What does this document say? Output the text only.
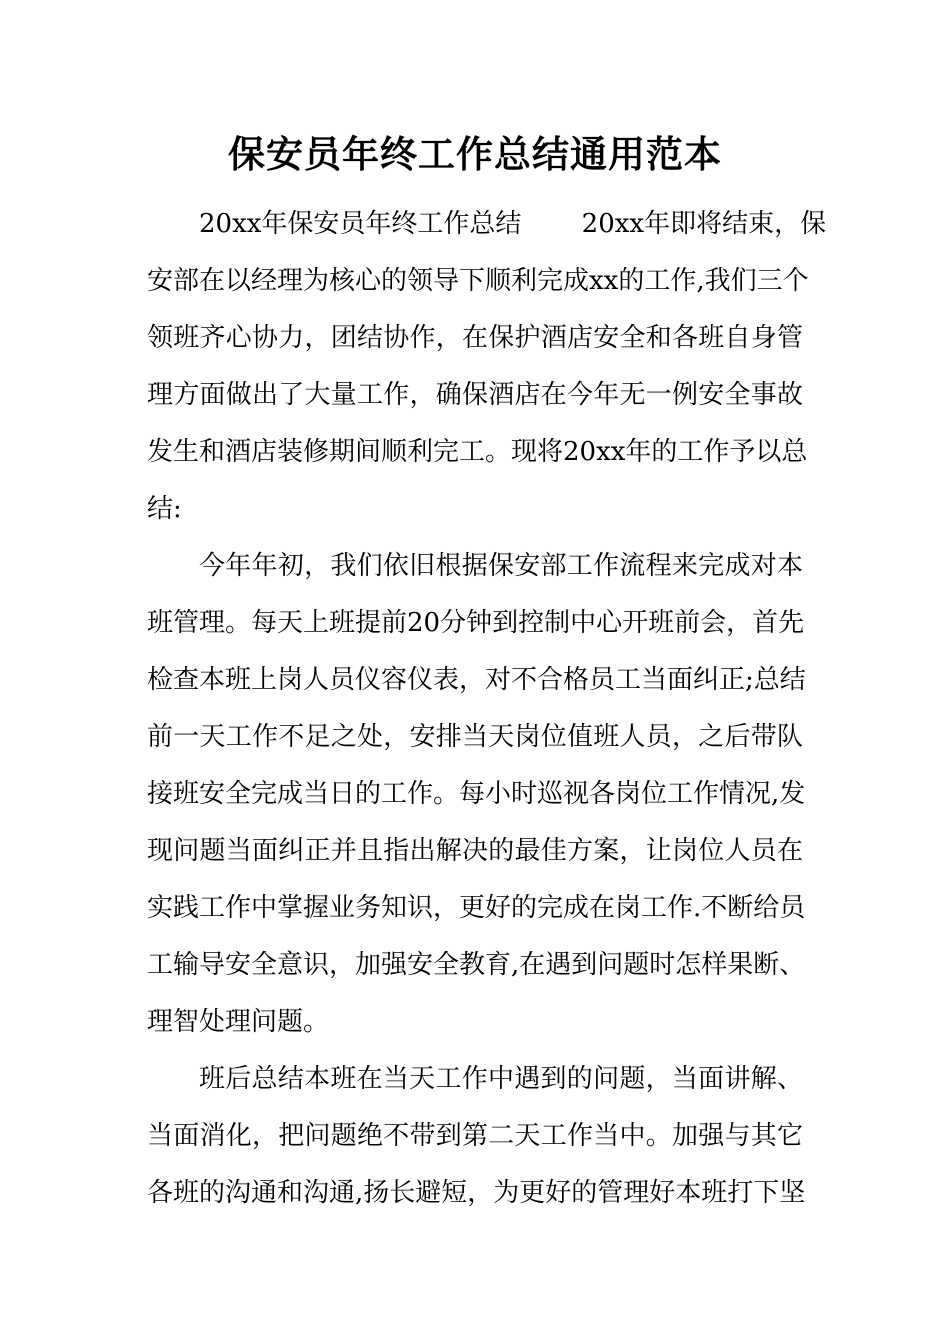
保安员年终工作总结通用范本
20xx年保安员年终工作总结　　 20xx年即将结束，保
安部在以经理为核心的领导下顺利完成xx的工作,我们三个
领班齐心协力，团结协作，在保护酒店安全和各班自身管
理方面做出了大量工作，确保酒店在今年无一例安全事故
发生和酒店装修期间顺利完工。现将20xx年的工作予以总
结:
今年年初，我们依旧根据保安部工作流程来完成对本
班管理。每天上班提前20分钟到控制中心开班前会，首先
检查本班上岗人员仪容仪表，对不合格员工当面纠正;总结
前一天工作不足之处，安排当天岗位值班人员，之后带队
接班安全完成当日的工作。每小时巡视各岗位工作情况,发
现问题当面纠正并且指出解决的最佳方案，让岗位人员在
实践工作中掌握业务知识，更好的完成在岗工作.不断给员
工输导安全意识，加强安全教育,在遇到问题时怎样果断、
理智处理问题。
班后总结本班在当天工作中遇到的问题，当面讲解、
当面消化，把问题绝不带到第二天工作当中。加强与其它
各班的沟通和沟通,扬长避短，为更好的管理好本班打下坚
